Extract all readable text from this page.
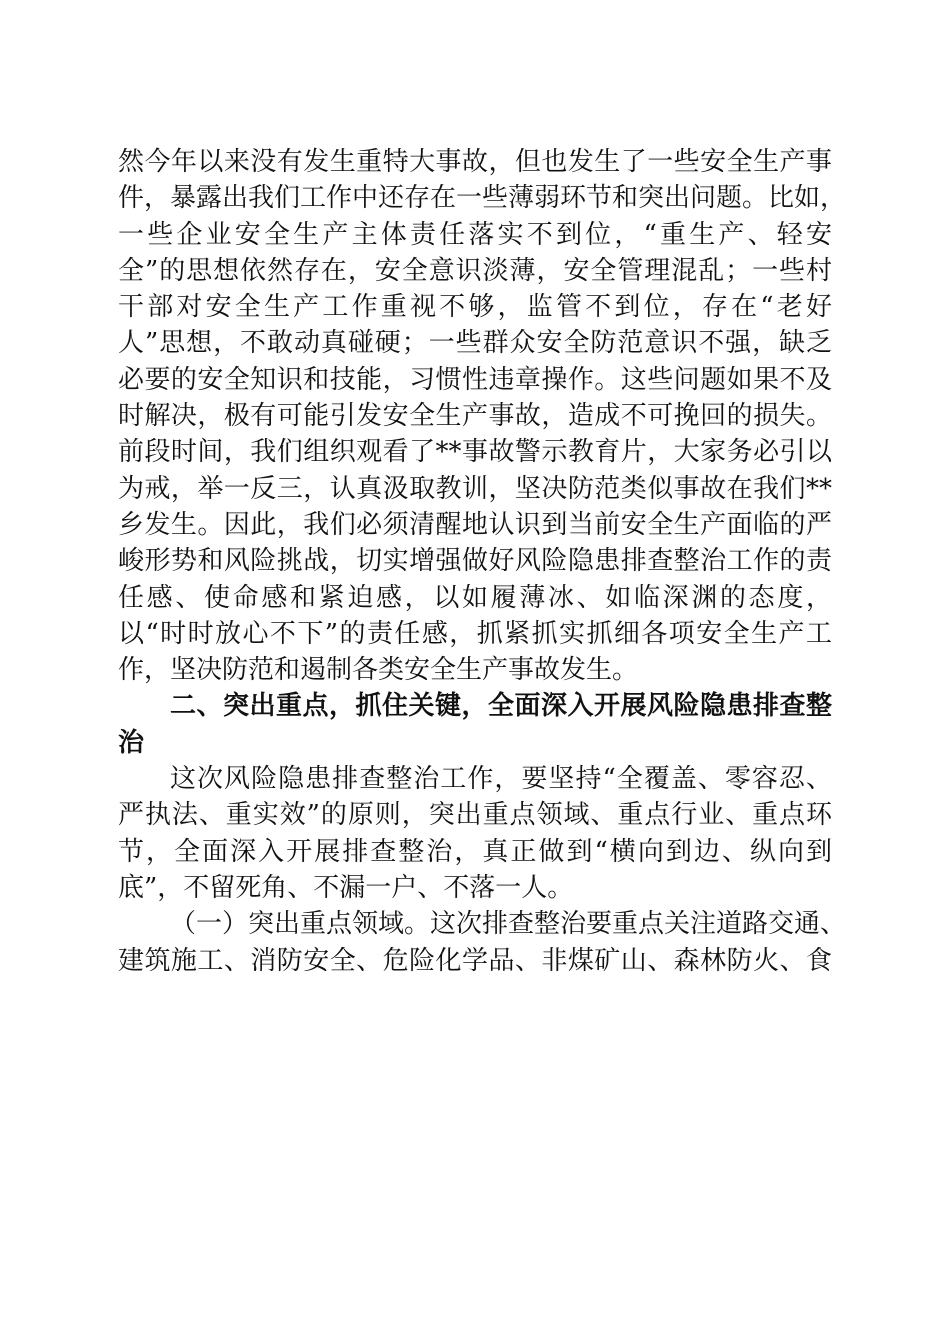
然今年以来没有发生重特大事故，但也发生了一些安全生产事
件，暴露出我们工作中还存在一些薄弱环节和突出问题。比如，
一些企业安全生产主体责任落实不到位，“重生产、轻安
全”的思想依然存在，安全意识淡薄，安全管理混乱；一些村
干部对安全生产工作重视不够，监管不到位，存在“老好
人”思想，不敢动真碰硬；一些群众安全防范意识不强，缺乏
必要的安全知识和技能，习惯性违章操作。这些问题如果不及
时解决，极有可能引发安全生产事故，造成不可挽回的损失。
前段时间，我们组织观看了**事故警示教育片，大家务必引以
为戒，举一反三，认真汲取教训，坚决防范类似事故在我们**
乡发生。因此，我们必须清醒地认识到当前安全生产面临的严
峻形势和风险挑战，切实增强做好风险隐患排查整治工作的责
任感、使命感和紧迫感，以如履薄冰、如临深渊的态度，
以“时时放心不下”的责任感，抓紧抓实抓细各项安全生产工
作，坚决防范和遏制各类安全生产事故发生。
二、突出重点，抓住关键，全面深入开展风险隐患排查整
治
这次风险隐患排查整治工作，要坚持“全覆盖、零容忍、
严执法、重实效”的原则，突出重点领域、重点行业、重点环
节，全面深入开展排查整治，真正做到“横向到边、纵向到
底”，不留死角、不漏一户、不落一人。
（一）突出重点领域。这次排查整治要重点关注道路交通、
建筑施工、消防安全、危险化学品、非煤矿山、森林防火、食
